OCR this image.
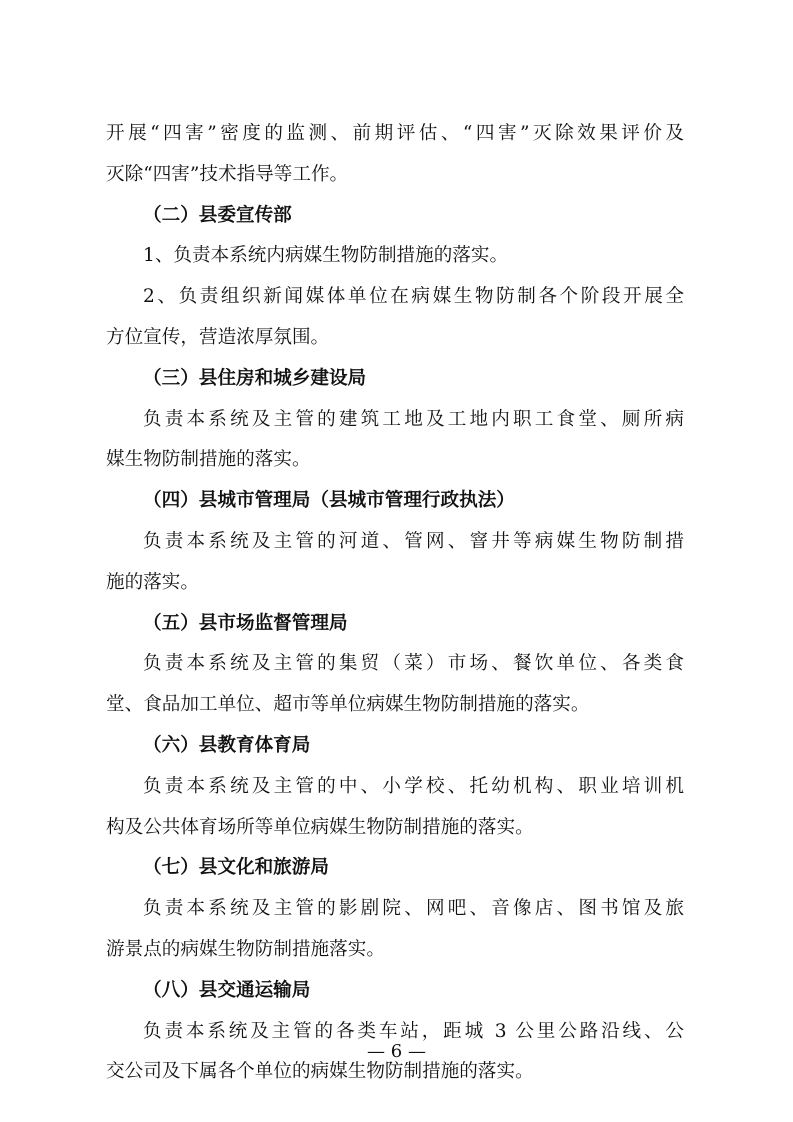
开展“四害”密度的监测、前期评估、“四害”灭除效果评价及
灭除“四害”技术指导等工作。
（二）县委宣传部
1、负责本系统内病媒生物防制措施的落实。
2、负责组织新闻媒体单位在病媒生物防制各个阶段开展全
方位宣传，营造浓厚氛围。
（三）县住房和城乡建设局
负责本系统及主管的建筑工地及工地内职工食堂、厕所病
媒生物防制措施的落实。
（四）县城市管理局（县城市管理行政执法）
负责本系统及主管的河道、管网、窨井等病媒生物防制措
施的落实。
（五）县市场监督管理局
负责本系统及主管的集贸（菜）市场、餐饮单位、各类食
堂、食品加工单位、超市等单位病媒生物防制措施的落实。
（六）县教育体育局
负责本系统及主管的中、小学校、托幼机构、职业培训机
构及公共体育场所等单位病媒生物防制措施的落实。
（七）县文化和旅游局
负责本系统及主管的影剧院、网吧、音像店、图书馆及旅
游景点的病媒生物防制措施落实。
（八）县交通运输局
负责本系统及主管的各类车站，距城 3 公里公路沿线、公
交公司及下属各个单位的病媒生物防制措施的落实。
— 6 —
